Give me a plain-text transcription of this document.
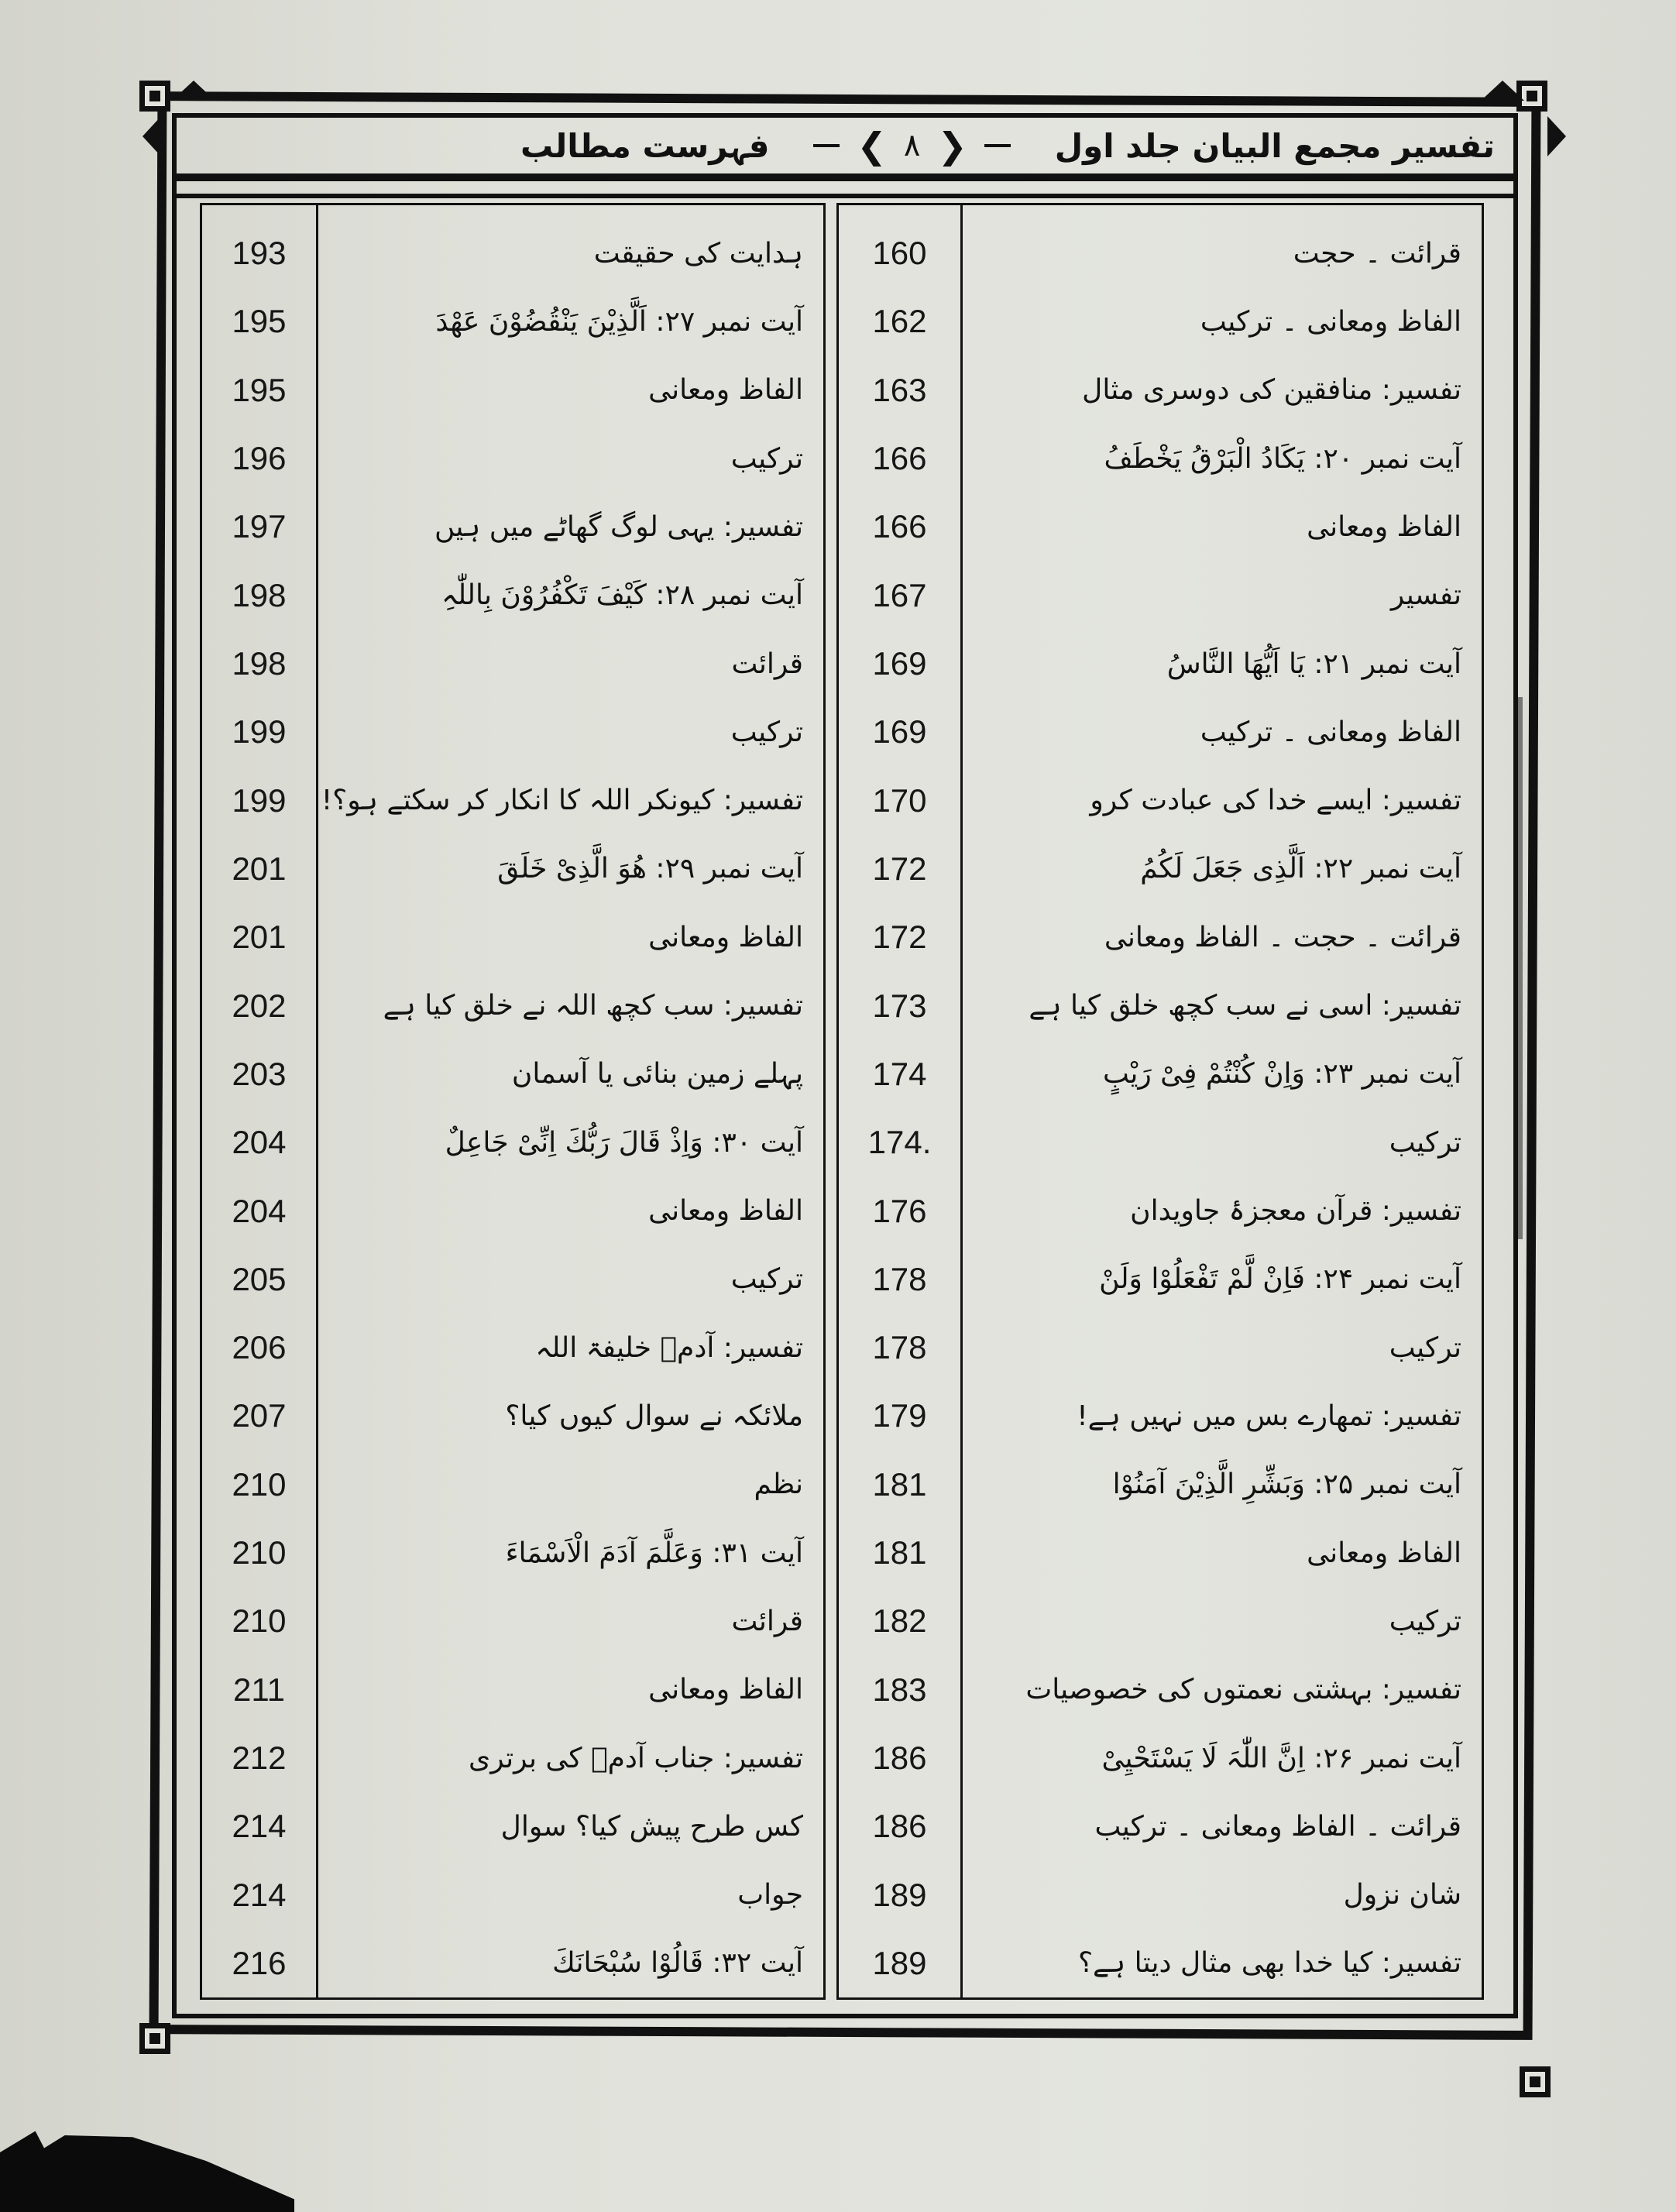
تفسیر مجمع البیان جلد اول
❮ ۸ ❯
فہرست مطالب
193
195
195
196
197
198
198
199
199
201
201
202
203
204
204
205
206
207
210
210
210
211
212
214
214
216
ہدایت کی حقیقت
آیت نمبر ۲۷: اَلَّذِیْنَ یَنْقُضُوْنَ عَھْدَ
الفاظ ومعانی
ترکیب
تفسیر: یہی لوگ گھاٹے میں ہیں
آیت نمبر ۲۸: کَیْفَ تَکْفُرُوْنَ بِاللّٰہِ
قرائت
ترکیب
تفسیر: کیونکر اللہ کا انکار کر سکتے ہو؟!
آیت نمبر ۲۹: ھُوَ الَّذِیْ خَلَقَ
الفاظ ومعانی
تفسیر: سب کچھ اللہ نے خلق کیا ہے
پہلے زمین بنائی یا آسمان
آیت ۳۰: وَاِذْ قَالَ رَبُّكَ اِنِّیْ جَاعِلٌ
الفاظ ومعانی
ترکیب
تفسیر: آدمؑ خلیفۃ اللہ
ملائکہ نے سوال کیوں کیا؟
نظم
آیت ۳۱: وَعَلَّمَ آدَمَ الْاَسْمَاءَ
قرائت
الفاظ ومعانی
تفسیر: جناب آدمؑ کی برتری
کس طرح پیش کیا؟ سوال
جواب
آیت ۳۲: قَالُوْا سُبْحَانَكَ
160
162
163
166
166
167
169
169
170
172
172
173
174
174.
176
178
178
179
181
181
182
183
186
186
189
189
قرائت ۔ حجت
الفاظ ومعانی ۔ ترکیب
تفسیر: منافقین کی دوسری مثال
آیت نمبر ۲۰: یَکَادُ الْبَرْقُ یَخْطَفُ
الفاظ ومعانی
تفسیر
آیت نمبر ۲۱: یَا اَیُّھَا النَّاسُ
الفاظ ومعانی ۔ ترکیب
تفسیر: ایسے خدا کی عبادت کرو
آیت نمبر ۲۲: اَلَّذِی جَعَلَ لَکُمُ
قرائت ۔ حجت ۔ الفاظ ومعانی
تفسیر: اسی نے سب کچھ خلق کیا ہے
آیت نمبر ۲۳: وَاِنْ کُنْتُمْ فِیْ رَیْبٍ
ترکیب
تفسیر: قرآن معجزۂ جاویدان
آیت نمبر ۲۴: فَاِنْ لَّمْ تَفْعَلُوْا وَلَنْ
ترکیب
تفسیر: تمھارے بس میں نہیں ہے!
آیت نمبر ۲۵: وَبَشِّرِ الَّذِیْنَ آمَنُوْا
الفاظ ومعانی
ترکیب
تفسیر: بہشتی نعمتوں کی خصوصیات
آیت نمبر ۲۶: اِنَّ اللّٰہَ لَا یَسْتَحْیِیْ
قرائت ۔ الفاظ ومعانی ۔ ترکیب
شان نزول
تفسیر: کیا خدا بھی مثال دیتا ہے؟
